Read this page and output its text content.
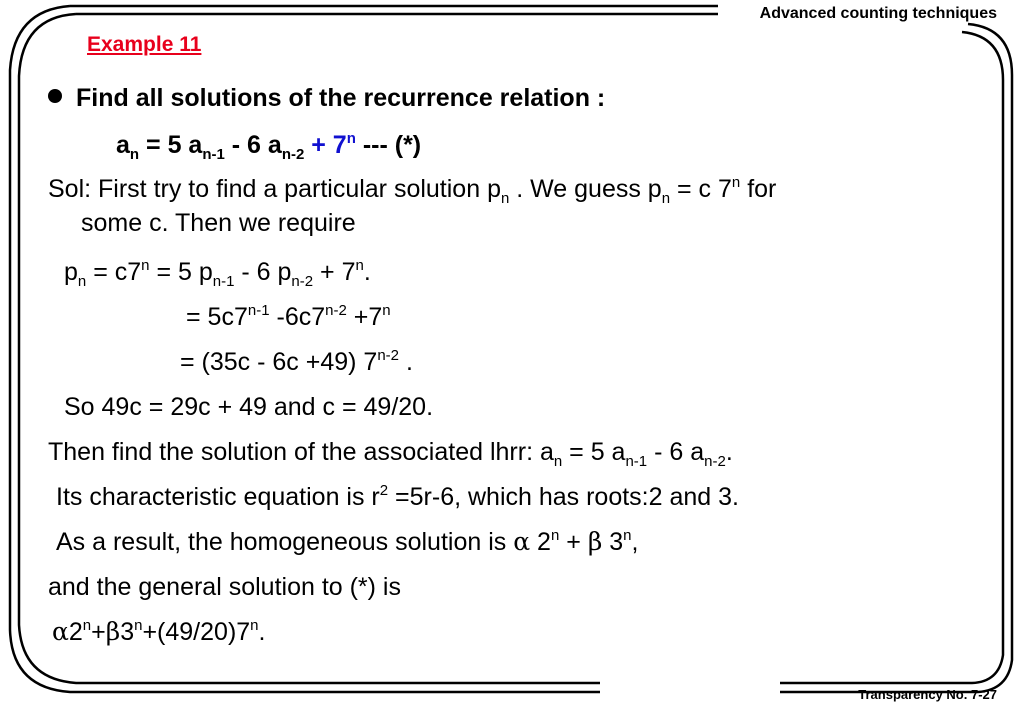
Advanced counting techniques
Transparency No. 7-27
Example 11
Find all solutions of the recurrence relation :
$a_n = 5$ $a_{n-1} - 6$ $a_{n-2} + 7^n$ --- (*)
Sol: First try to find a particular solution $p_n$ . We guess $p_n = c$ 7$^n$ for
some c. Then we require
$p_n = c7^n = 5$ $p_{n-1} - 6$ $p_{n-2} + 7^n$.
= $5c7^{n-1}$ $-6c7^{n-2} +7^n$
= (35c - 6c +49) 7$^{n-2}$ .
So 49c = 29c + 49 and c = 49/20.
Then find the solution of the associated lhrr: $a_n = 5$ $a_{n-1} - 6$ $a_{n-2}$.
Its characteristic equation is $r^2 =5r-6$, which has roots:2 and 3.
As a result, the homogeneous solution is α $2^n + \beta$ 3$^n$,
and the general solution to (*) is
$\alpha 2^n+\beta 3^n+(49/20)7^n$.
